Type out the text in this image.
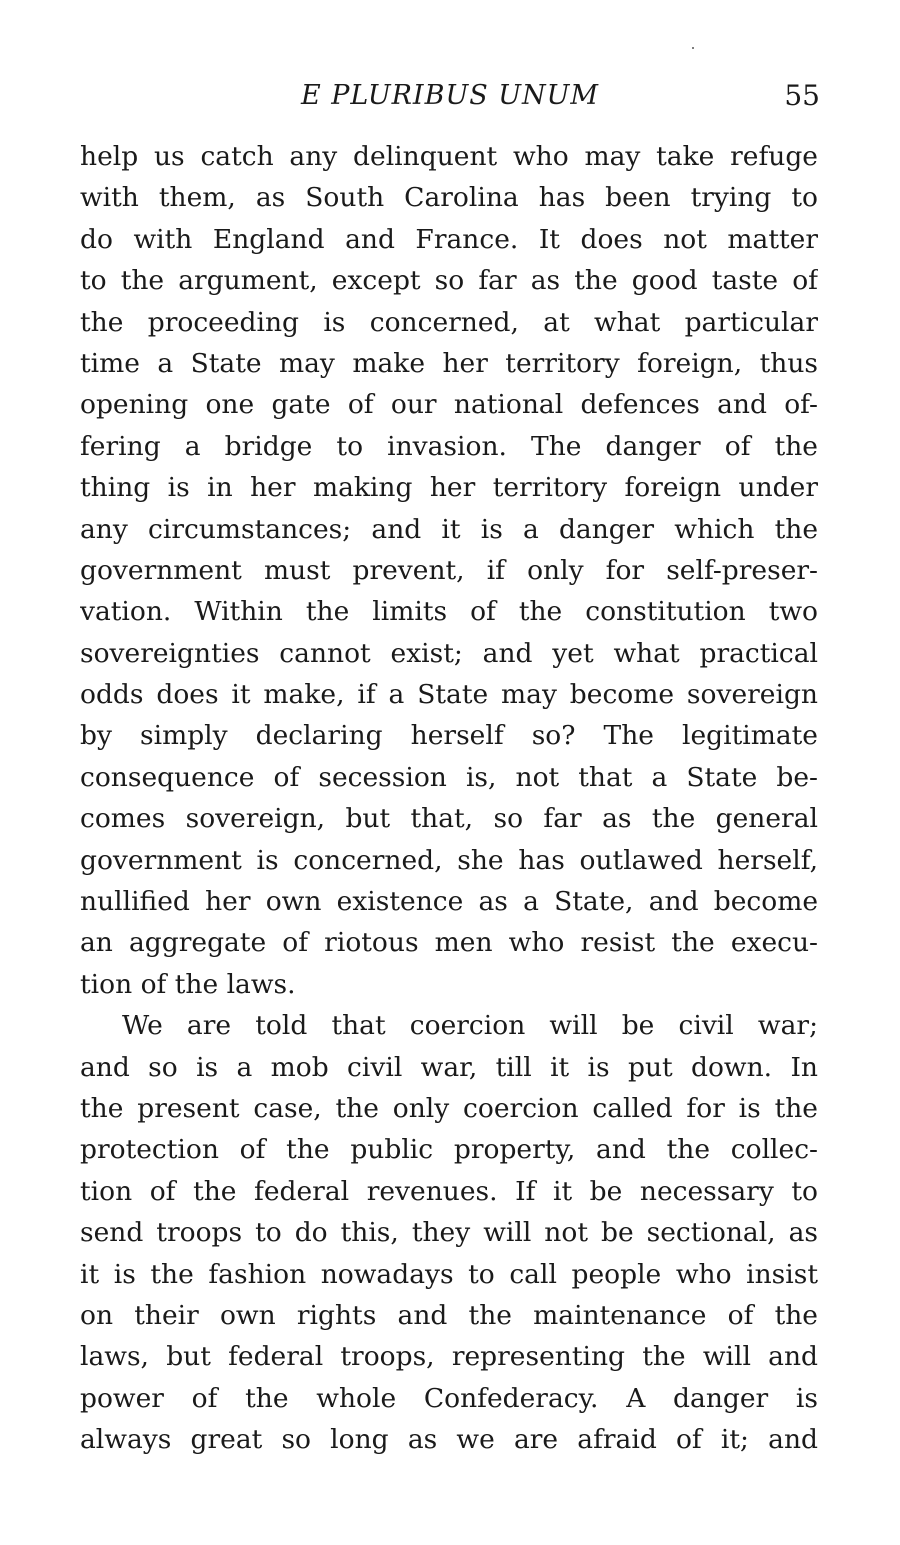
E PLURIBUS UNUM	55
help us catch any delinquent who may take refuge
with them, as South Carolina has been trying to
do with England and France. It does not matter
to the argument, except so far as the good taste of
the proceeding is concerned, at what particular
time a State may make her territory foreign, thus
opening one gate of our national defences and of-
fering a bridge to invasion. The danger of the
thing is in her making her territory foreign under
any circumstances; and it is a danger which the
government must prevent, if only for self-preser-
vation. Within the limits of the constitution two
sovereignties cannot exist; and yet what practical
odds does it make, if a State may become sovereign
by simply declaring herself so? The legitimate
consequence of secession is, not that a State be-
comes sovereign, but that, so far as the general
government is concerned, she has outlawed herself,
nullified her own existence as a State, and become
an aggregate of riotous men who resist the execu-
tion of the laws.
We are told that coercion will be civil war;
and so is a mob civil war, till it is put down. In
the present case, the only coercion called for is the
protection of the public property, and the collec-
tion of the federal revenues. If it be necessary to
send troops to do this, they will not be sectional, as
it is the fashion nowadays to call people who insist
on their own rights and the maintenance of the
laws, but federal troops, representing the will and
power of the whole Confederacy. A danger is
always great so long as we are afraid of it; and
